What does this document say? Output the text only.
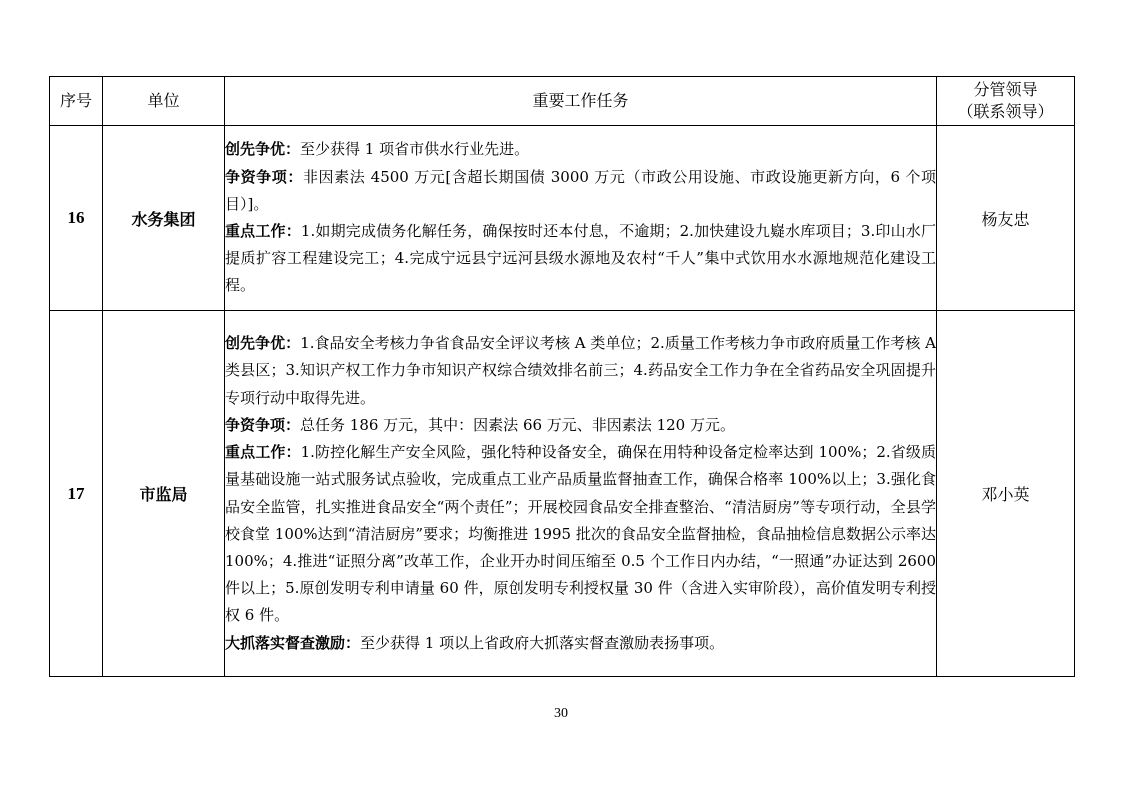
序号	单位	重要工作任务	分管领导
（联系领导）

16	水务集团	创先争优：至少获得 1 项省市供水行业先进。

争资争项：非因素法 4500 万元[含超长期国债 3000 万元（市政公用设施、市政设施更新方向，6 个项目）]。

重点工作：1.如期完成债务化解任务，确保按时还本付息，不逾期；2.加快建设九嶷水库项目；3.印山水厂提质扩容工程建设完工；4.完成宁远县宁远河县级水源地及农村“千人”集中式饮用水水源地规范化建设工程。	杨友忠
17	市监局	创先争优：1.食品安全考核力争省食品安全评议考核 A 类单位；2.质量工作考核力争市政府质量工作考核 A 类县区；3.知识产权工作力争市知识产权综合绩效排名前三；4.药品安全工作力争在全省药品安全巩固提升专项行动中取得先进。

争资争项：总任务 186 万元，其中：因素法 66 万元、非因素法 120 万元。

重点工作：1.防控化解生产安全风险，强化特种设备安全，确保在用特种设备定检率达到 100%；2.省级质量基础设施一站式服务试点验收，完成重点工业产品质量监督抽查工作，确保合格率 100%以上；3.强化食品安全监管，扎实推进食品安全“两个责任”；开展校园食品安全排查整治、“清洁厨房”等专项行动，全县学校食堂 100%达到“清洁厨房”要求；均衡推进 1995 批次的食品安全监督抽检，食品抽检信息数据公示率达 100%；4.推进“证照分离”改革工作，企业开办时间压缩至 0.5 个工作日内办结，“一照通”办证达到 2600 件以上；5.原创发明专利申请量 60 件，原创发明专利授权量 30 件（含进入实审阶段），高价值发明专利授权 6 件。

大抓落实督查激励：至少获得 1 项以上省政府大抓落实督查激励表扬事项。	邓小英
30
